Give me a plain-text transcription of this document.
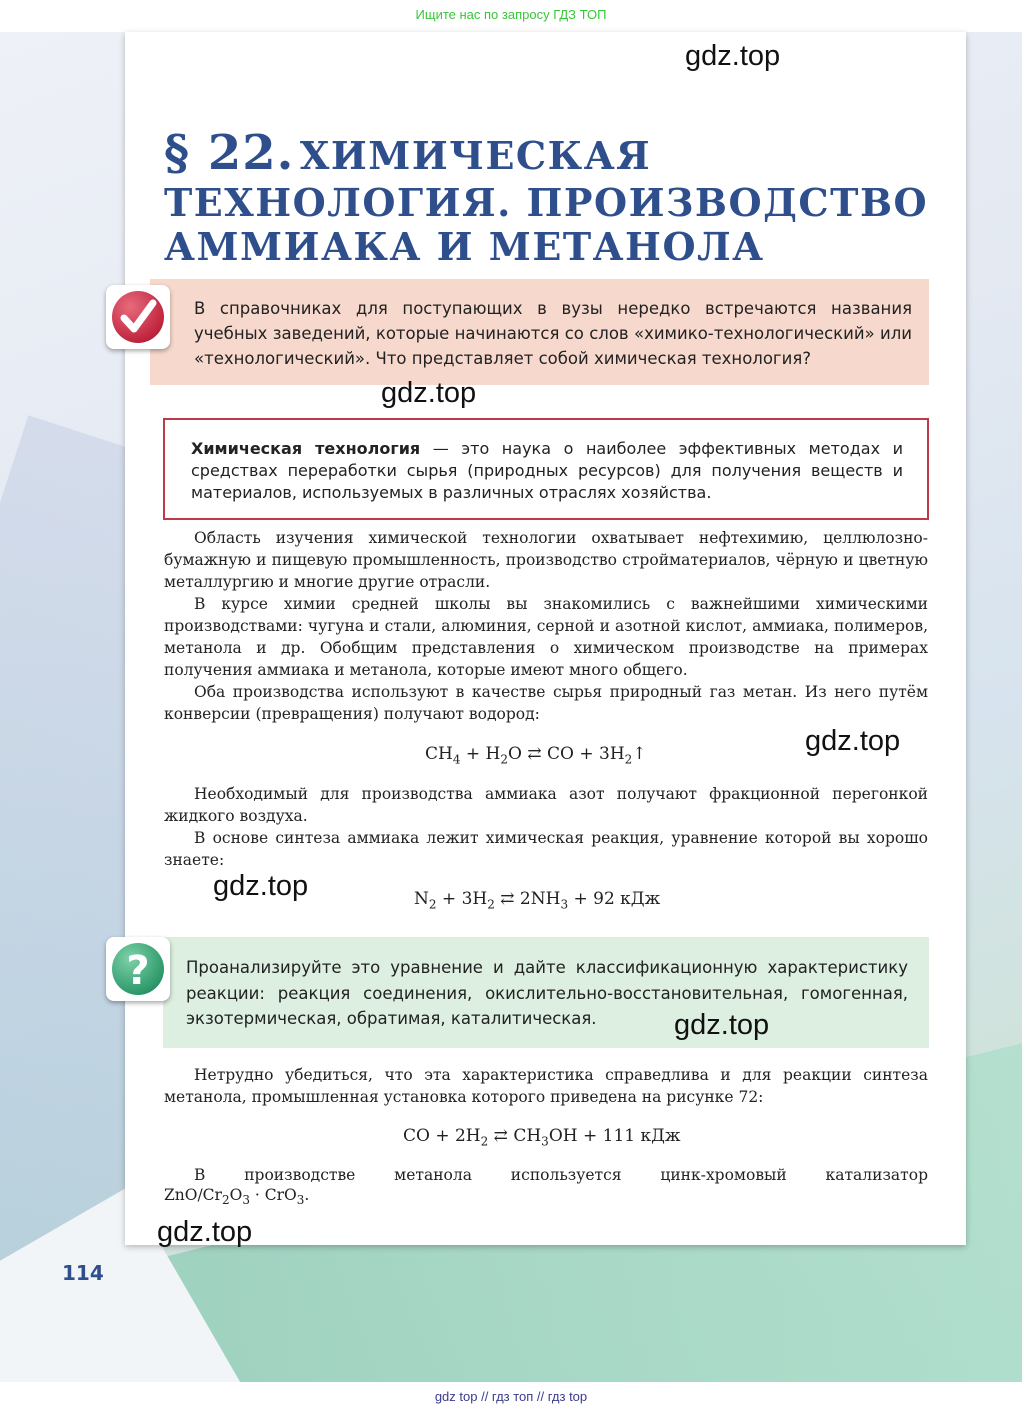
Ищите нас по запросу ГДЗ ТОП
gdz.top
§ 22. ХИМИЧЕСКАЯ
ТЕХНОЛОГИЯ. ПРОИЗВОДСТВО
АММИАКА И МЕТАНОЛА
В справочниках для поступающих в вузы нередко встречаются названия учебных заведений, которые начинаются со слов «химико-технологический» или «технологический». Что представляет собой химическая технология?
gdz.top
Химическая технология — это наука о наиболее эффективных методах и средствах переработки сырья (природных ресурсов) для получения веществ и материалов, используемых в различных отраслях хозяйства.

Область изучения химической технологии охватывает нефтехимию, целлюлозно-бумажную и пищевую промышленность, производство стройматериалов, чёрную и цветную металлургию и многие другие отрасли.

В курсе химии средней школы вы знакомились с важнейшими химическими производствами: чугуна и стали, алюминия, серной и азотной кислот, аммиака, полимеров, метанола и др. Обобщим представления о химическом производстве на примерах получения аммиака и метанола, которые имеют много общего.

Оба производства используют в качестве сырья природный газ метан. Из него путём конверсии (превращения) получают водород:

$CH_4 + H_2O$ ⇄ CO + $3H_2↑$	gdz.top

Необходимый для производства аммиака азот получают фракционной перегонкой жидкого воздуха.

В основе синтеза аммиака лежит химическая реакция, уравнение которой вы хорошо знаете:

gdz.top	$N_2 + 3H_2$ ⇄ $2NH_3 + 92$ кДж
Проанализируйте это уравнение и дайте классификационную характеристику реакции: реакция соединения, окислительно-восстановительная, гомогенная, экзотермическая, обратимая, каталитическая.
?
gdz.top

Нетрудно убедиться, что эта характеристика справедлива и для реакции синтеза метанола, промышленная установка которого приведена на рисунке 72:

CO + $2H_2$ ⇄ $CH_3OH + 111$ кДж

В производстве метанола используется цинк-хромовый катализатор

ZnO/$Cr_2O_3 \cdot CrO_3$.
gdz.top
114
gdz top // гдз топ // гдз top
